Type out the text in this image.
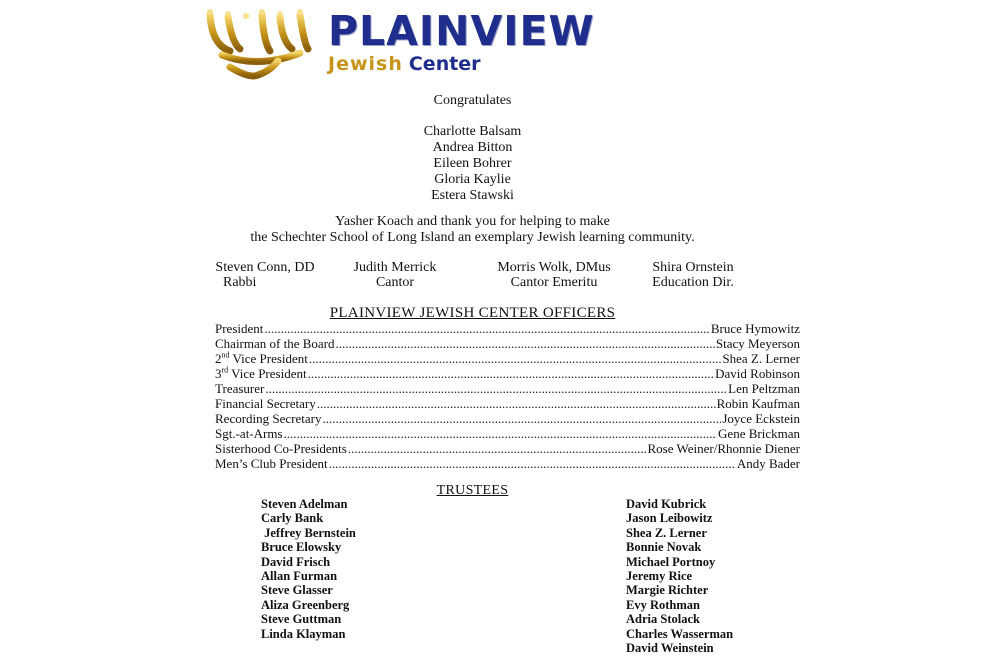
PLAINVIEW
Jewish Center
Congratulates
Charlotte Balsam
Andrea Bitton
Eileen Bohrer
Gloria Kaylie
Estera Stawski
Yasher Koach and thank you for helping to make
the Schechter School of Long Island an exemplary Jewish learning community.
Steven Conn, DD
Rabbi
Judith Merrick
Cantor
Morris Wolk, DMus
Cantor Emeritu
Shira Ornstein
Education Dir.
PLAINVIEW JEWISH CENTER OFFICERS
President .....	Bruce Hymowitz
Chairman of the Board .....	Stacy Meyerson
2nd Vice President .....	Shea Z. Lerner
3rd Vice President .....	David Robinson
Treasurer .....	Len Peltzman
Financial Secretary .....	Robin Kaufman
Recording Secretary .....	Joyce Eckstein
Sgt.-at-Arms .....	Gene Brickman
Sisterhood Co-Presidents .....	Rose Weiner/Rhonnie Diener
Men’s Club President .....	Andy Bader
TRUSTEES
Steven Adelman
Carly Bank
Jeffrey Bernstein
Bruce Elowsky
David Frisch
Allan Furman
Steve Glasser
Aliza Greenberg
Steve Guttman
Linda Klayman
David Kubrick
Jason Leibowitz
Shea Z. Lerner
Bonnie Novak
Michael Portnoy
Jeremy Rice
Margie Richter
Evy Rothman
Adria Stolack
Charles Wasserman
David Weinstein
